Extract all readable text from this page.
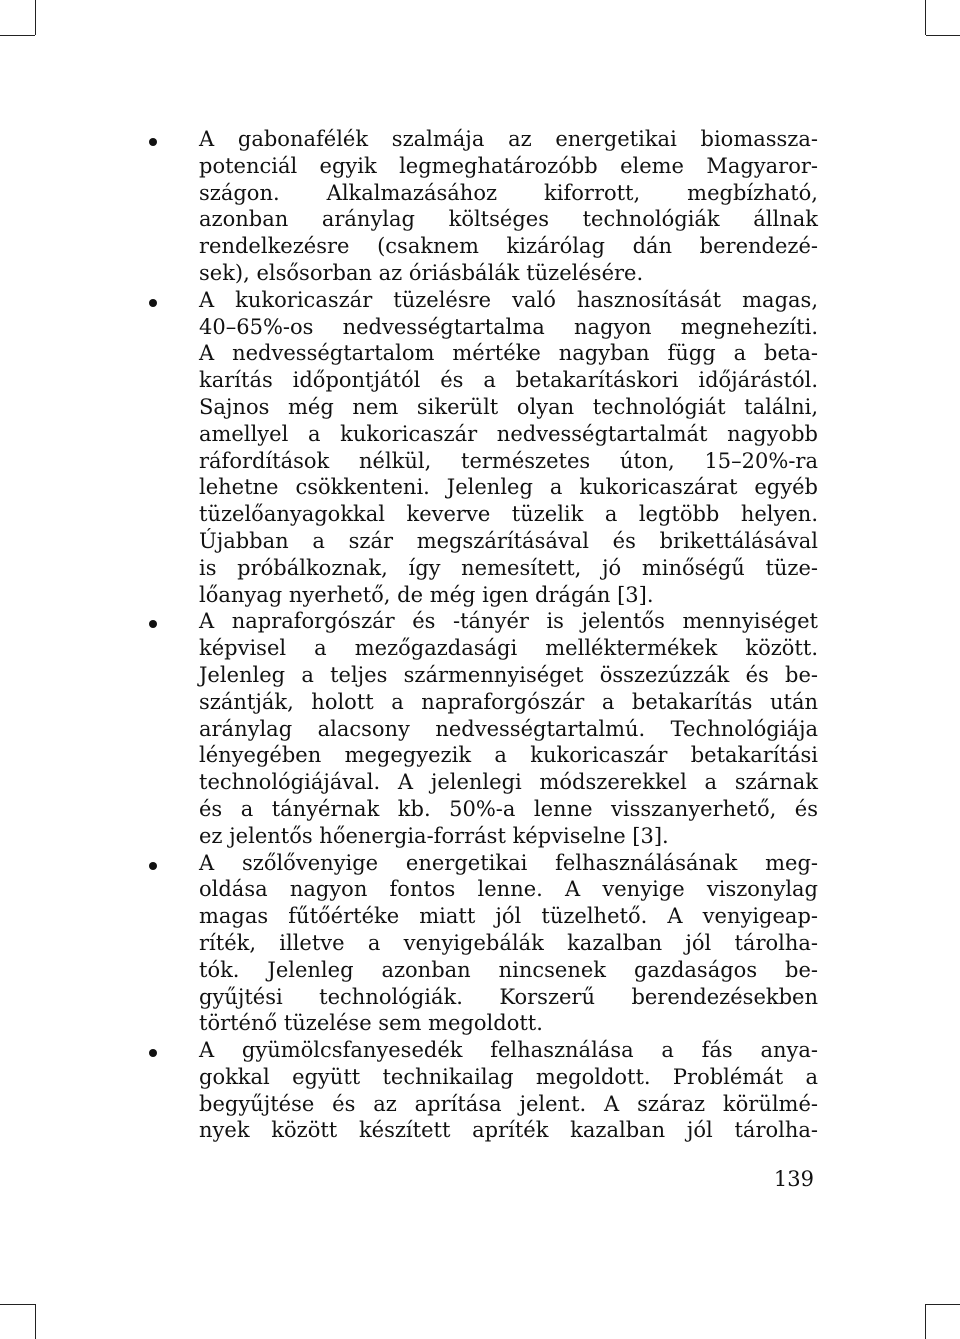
A gabonafélék szalmája az energetikai biomassza-
potenciál egyik legmeghatározóbb eleme Magyaror-
szágon. Alkalmazásához kiforrott, megbízható,
azonban aránylag költséges technológiák állnak
rendelkezésre (csaknem kizárólag dán berendezé-
sek), elsősorban az óriásbálák tüzelésére.
A kukoricaszár tüzelésre való hasznosítását magas,
40–65%-os nedvességtartalma nagyon megnehezíti.
A nedvességtartalom mértéke nagyban függ a beta-
karítás időpontjától és a betakarításkori időjárástól.
Sajnos még nem sikerült olyan technológiát találni,
amellyel a kukoricaszár nedvességtartalmát nagyobb
ráfordítások nélkül, természetes úton, 15–20%-ra
lehetne csökkenteni. Jelenleg a kukoricaszárat egyéb
tüzelőanyagokkal keverve tüzelik a legtöbb helyen.
Újabban a szár megszárításával és brikettálásával
is próbálkoznak, így nemesített, jó minőségű tüze-
lőanyag nyerhető, de még igen drágán [3].
A napraforgószár és -tányér is jelentős mennyiséget
képvisel a mezőgazdasági melléktermékek között.
Jelenleg a teljes szármennyiséget összezúzzák és be-
szántják, holott a napraforgószár a betakarítás után
aránylag alacsony nedvességtartalmú. Technológiája
lényegében megegyezik a kukoricaszár betakarítási
technológiájával. A jelenlegi módszerekkel a szárnak
és a tányérnak kb. 50%-a lenne visszanyerhető, és
ez jelentős hőenergia-forrást képviselne [3].
A szőlővenyige energetikai felhasználásának meg-
oldása nagyon fontos lenne. A venyige viszonylag
magas fűtőértéke miatt jól tüzelhető. A venyigeap-
ríték, illetve a venyigebálák kazalban jól tárolha-
tók. Jelenleg azonban nincsenek gazdaságos be-
gyűjtési technológiák. Korszerű berendezésekben
történő tüzelése sem megoldott.
A gyümölcsfanyesedék felhasználása a fás anya-
gokkal együtt technikailag megoldott. Problémát a
begyűjtése és az aprítása jelent. A száraz körülmé-
nyek között készített apríték kazalban jól tárolha-
139
